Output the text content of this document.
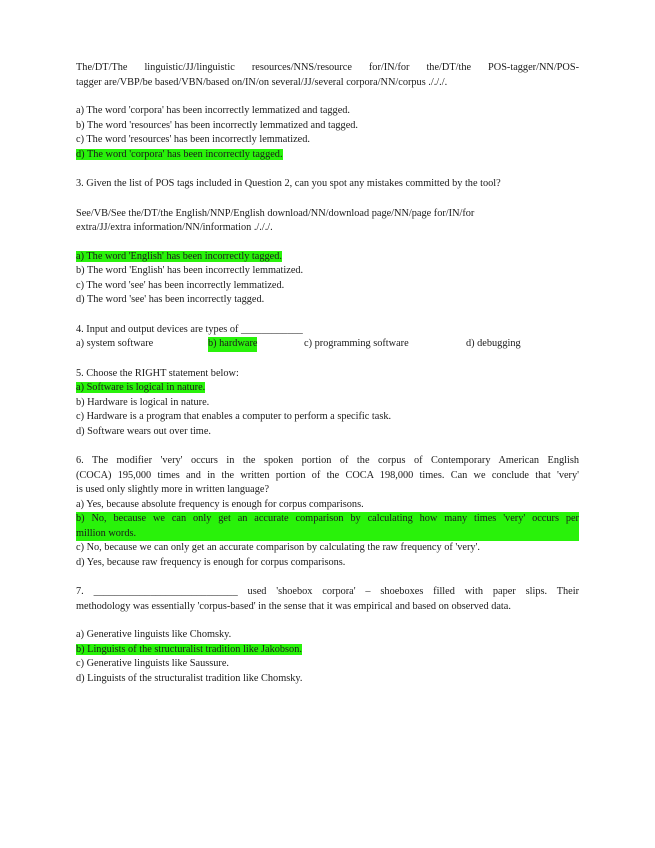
The/DT/The linguistic/JJ/linguistic resources/NNS/resource for/IN/for the/DT/the POS-tagger/NN/POS-
tagger are/VBP/be based/VBN/based on/IN/on several/JJ/several corpora/NN/corpus ./././.
a) The word 'corpora' has been incorrectly lemmatized and tagged.
b) The word 'resources' has been incorrectly lemmatized and tagged.
c) The word 'resources' has been incorrectly lemmatized.
d) The word 'corpora' has been incorrectly tagged.
3. Given the list of POS tags included in Question 2, can you spot any mistakes committed by the tool?
See/VB/See the/DT/the English/NNP/English download/NN/download page/NN/page for/IN/for
extra/JJ/extra information/NN/information ./././.
a) The word 'English' has been incorrectly tagged.
b) The word 'English' has been incorrectly lemmatized.
c) The word 'see' has been incorrectly lemmatized.
d) The word 'see' has been incorrectly tagged.
4. Input and output devices are types of ____________
a) system software	b) hardware	c) programming software	d) debugging
5. Choose the RIGHT statement below:
a) Software is logical in nature.
b) Hardware is logical in nature.
c) Hardware is a program that enables a computer to perform a specific task.
d) Software wears out over time.
6. The modifier 'very' occurs in the spoken portion of the corpus of Contemporary American English
(COCA) 195,000 times and in the written portion of the COCA 198,000 times. Can we conclude that 'very'
is used only slightly more in written language?
a) Yes, because absolute frequency is enough for corpus comparisons.
b) No, because we can only get an accurate comparison by calculating how many times 'very' occurs per
million words.
c) No, because we can only get an accurate comparison by calculating the raw frequency of 'very'.
d) Yes, because raw frequency is enough for corpus comparisons.
7. ____________________________ used 'shoebox corpora' – shoeboxes filled with paper slips. Their
methodology was essentially 'corpus-based' in the sense that it was empirical and based on observed data.
a) Generative linguists like Chomsky.
b) Linguists of the structuralist tradition like Jakobson.
c) Generative linguists like Saussure.
d) Linguists of the structuralist tradition like Chomsky.
